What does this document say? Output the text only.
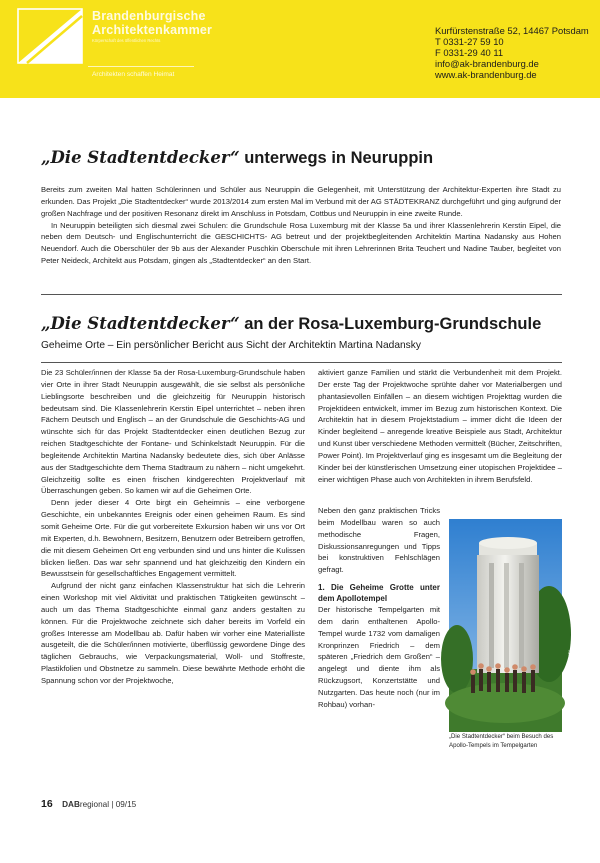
Brandenburgische
Architektenkammer
Körperschaft des öffentlichen Rechts
Architekten schaffen Heimat
Kurfürstenstraße 52, 14467 Potsdam
T 0331-27 59 10
F 0331-29 40 11
info@ak-brandenburg.de
www.ak-brandenburg.de
„Die Stadtentdecker“ unterwegs in Neuruppin

Bereits zum zweiten Mal hatten Schülerinnen und Schüler aus Neuruppin die Gelegenheit, mit Unterstützung der Architektur-Experten ihre Stadt zu erkunden. Das Projekt „Die Stadtentdecker“ wurde 2013/2014 zum ersten Mal im Verbund mit der AG STÄDTEKRANZ durchgeführt und ging aufgrund der großen Nachfrage und der positiven Resonanz direkt im Anschluss in Potsdam, Cottbus und Neuruppin in eine zweite Runde.

In Neuruppin beteiligten sich diesmal zwei Schulen: die Grundschule Rosa Luxemburg mit der Klasse 5a und ihrer Klassenlehrerin Kerstin Eipel, die neben dem Deutsch- und Englischunterricht die GESCHICHTS- AG betreut und der projektbegleitenden Architektin Martina Nadansky aus Hohen Neuendorf. Auch die Oberschüler der 9b aus der Alexander Puschkin Oberschule mit ihren Lehrerinnen Brita Teuchert und Nadine Tauber, begleitet von Peter Neideck, Architekt aus Potsdam, gingen als „Stadtentdecker“ an den Start.

„Die Stadtentdecker“ an der Rosa-Luxemburg-Grundschule
Geheime Orte – Ein persönlicher Bericht aus Sicht der Architektin Martina Nadansky

Die 23 Schüler/innen der Klasse 5a der Rosa-Luxemburg-Grundschule haben vier Orte in ihrer Stadt Neuruppin ausgewählt, die sie selbst als persönliche Lieblingsorte beschreiben und die gleichzeitig für Neuruppin historisch bedeutsam sind. Die Klassenlehrerin Kerstin Eipel unterrichtet – neben ihren Fächern Deutsch und Englisch – an der Grundschule die Geschichts-AG und wünschte sich für das Projekt Stadtentdecker einen deutlichen Bezug zur reichen Stadtgeschichte der Fontane- und Schinkelstadt Neuruppin. Für die begleitende Architektin Martina Nadansky bedeutete dies, sich über Anlässe aus der Stadtgeschichte dem Thema Stadtraum zu nähern – nicht umgekehrt. Gleichzeitig sollte es einen frischen kindgerechten Projektverlauf mit Überraschungen geben. So kamen wir auf die Geheimen Orte.

Denn jeder dieser 4 Orte birgt ein Geheimnis – eine verborgene Geschichte, ein unbekanntes Ereignis oder einen geheimen Raum. Es sind somit Geheime Orte. Für die gut vorbereitete Exkursion haben wir uns vor Ort mit Experten, d.h. Bewohnern, Besitzern, Benutzern oder Betreibern getroffen, die mit diesem Geheimen Ort eng verbunden sind und uns hinter die Kulissen blicken ließen. Das war sehr spannend und hat gleichzeitig den Kindern ein Bewusstsein für gesellschaftliches Engagement vermittelt.

Aufgrund der nicht ganz einfachen Klassenstruktur hat sich die Lehrerin einen Workshop mit viel Aktivität und praktischen Tätigkeiten gewünscht – auch um das Thema Stadtgeschichte einmal ganz anders gestalten zu können. Für die Projektwoche zeichnete sich daher bereits im Vorfeld ein großes Interesse am Modellbau ab. Dafür haben wir vorher eine Materialliste ausgeteilt, die die Schüler/innen motivierte, überflüssig gewordene Dinge des täglichen Gebrauchs, wie Verpackungsmaterial, Woll- und Stoffreste, Plastikfolien und Obstnetze zu sammeln. Diese bewährte Methode erhöht die Spannung schon vor der Projektwoche,

aktiviert ganze Familien und stärkt die Verbundenheit mit dem Projekt. Der erste Tag der Projektwoche sprühte daher vor Materialbergen und phantasievollen Einfällen – an diesem wichtigen Projekttag wurden die Projektideen entwickelt, immer im Bezug zum historischen Kontext. Die Architektin hat in diesem Projektstadium – immer dicht die Ideen der Kinder begleitend – anregende kreative Beispiele aus Stadt, Architektur und Kunst über verschiedene Methoden vermittelt (Bücher, Zeitschriften, Power Point). Im Projektverlauf ging es insgesamt um die Begleitung der Kinder bei der künstlerischen Umsetzung einer utopischen Projektidee – einer wichtigen Phase auch von Architekten in ihrem Berufsfeld.

Neben den ganz praktischen Tricks beim Modellbau waren so auch methodische Fragen, Diskussionsanregungen und Tipps bei konstruktiven Fehlschlägen gefragt.

1. Die Geheime Grotte unter dem Apollotempel

Der historische Tempelgarten mit dem darin enthaltenen Apollo-Tempel wurde 1732 vom damaligen Kronprinzen Friedrich – dem späteren „Friedrich dem Großen“ – angelegt und diente ihm als Rückzugsort, Konzertstätte und Nutzgarten. Das heute noch (nur im Rohbau) vorhan-

Foto: Martina Nadansky
„Die Stadtentdecker“ beim Besuch des Apollo-Tempels im Tempelgarten
16 DABregional | 09/15
